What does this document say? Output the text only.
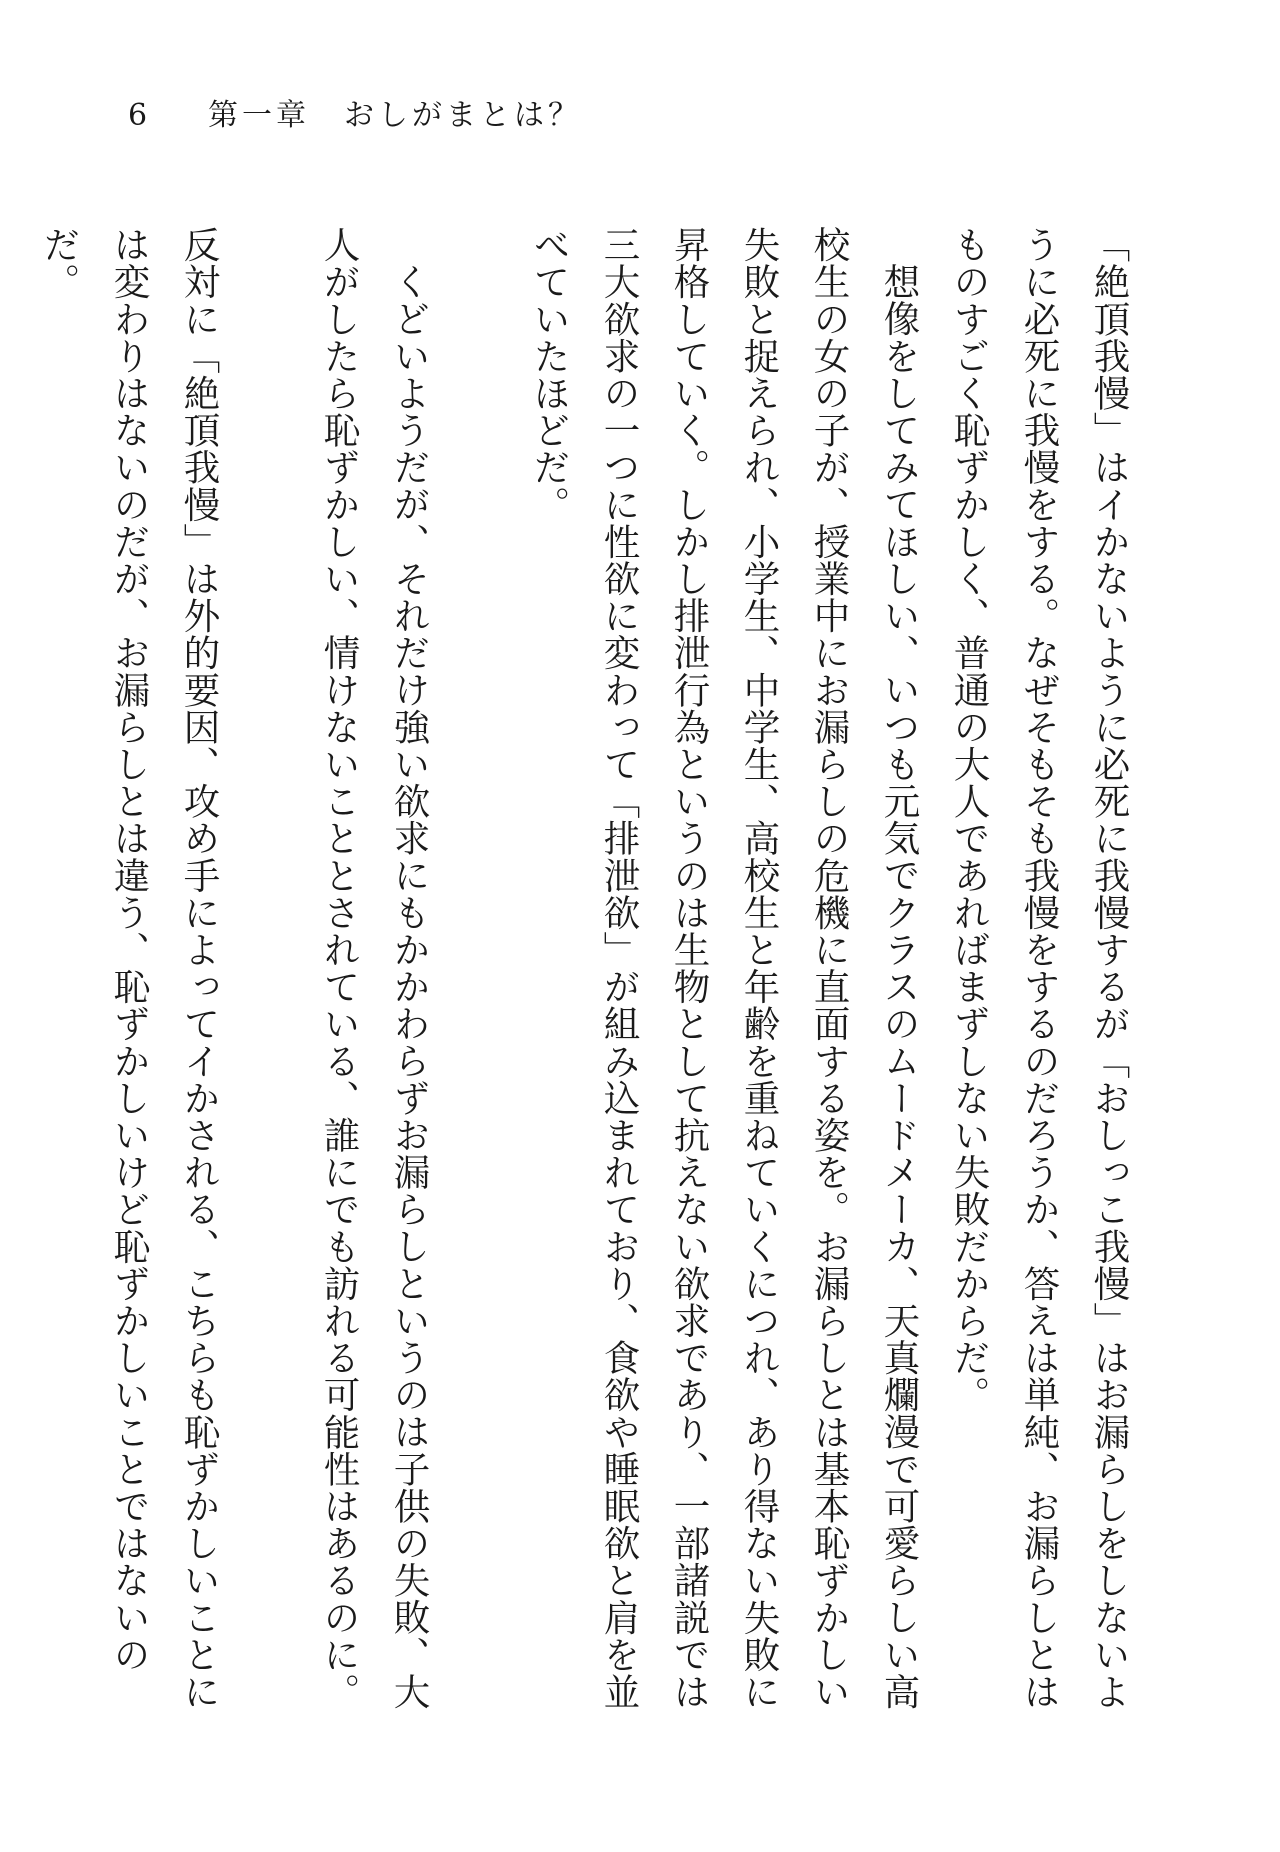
6	第一章　おしがまとは？

「絶頂我慢」はイかないように必死に我慢するが「おしっこ我慢」はお漏らしをしないように必死に我慢をする。なぜそもそも我慢をするのだろうか、答えは単純、お漏らしとはものすごく恥ずかしく、普通の大人であればまずしない失敗だからだ。

想像をしてみてほしい、いつも元気でクラスのムードメーカ、天真爛漫で可愛らしい高校生の女の子が、授業中にお漏らしの危機に直面する姿を。お漏らしとは基本恥ずかしい失敗と捉えられ、小学生、中学生、高校生と年齢を重ねていくにつれ、あり得ない失敗に昇格していく。しかし排泄行為というのは生物として抗えない欲求であり、一部諸説では三大欲求の一つに性欲に変わって「排泄欲」が組み込まれており、食欲や睡眠欲と肩を並べていたほどだ。

くどいようだが、それだけ強い欲求にもかかわらずお漏らしというのは子供の失敗、大人がしたら恥ずかしい、情けないこととされている、誰にでも訪れる可能性はあるのに。

反対に「絶頂我慢」は外的要因、攻め手によってイかされる、こちらも恥ずかしいことには変わりはないのだが、お漏らしとは違う、恥ずかしいけど恥ずかしいことではないのだ。
